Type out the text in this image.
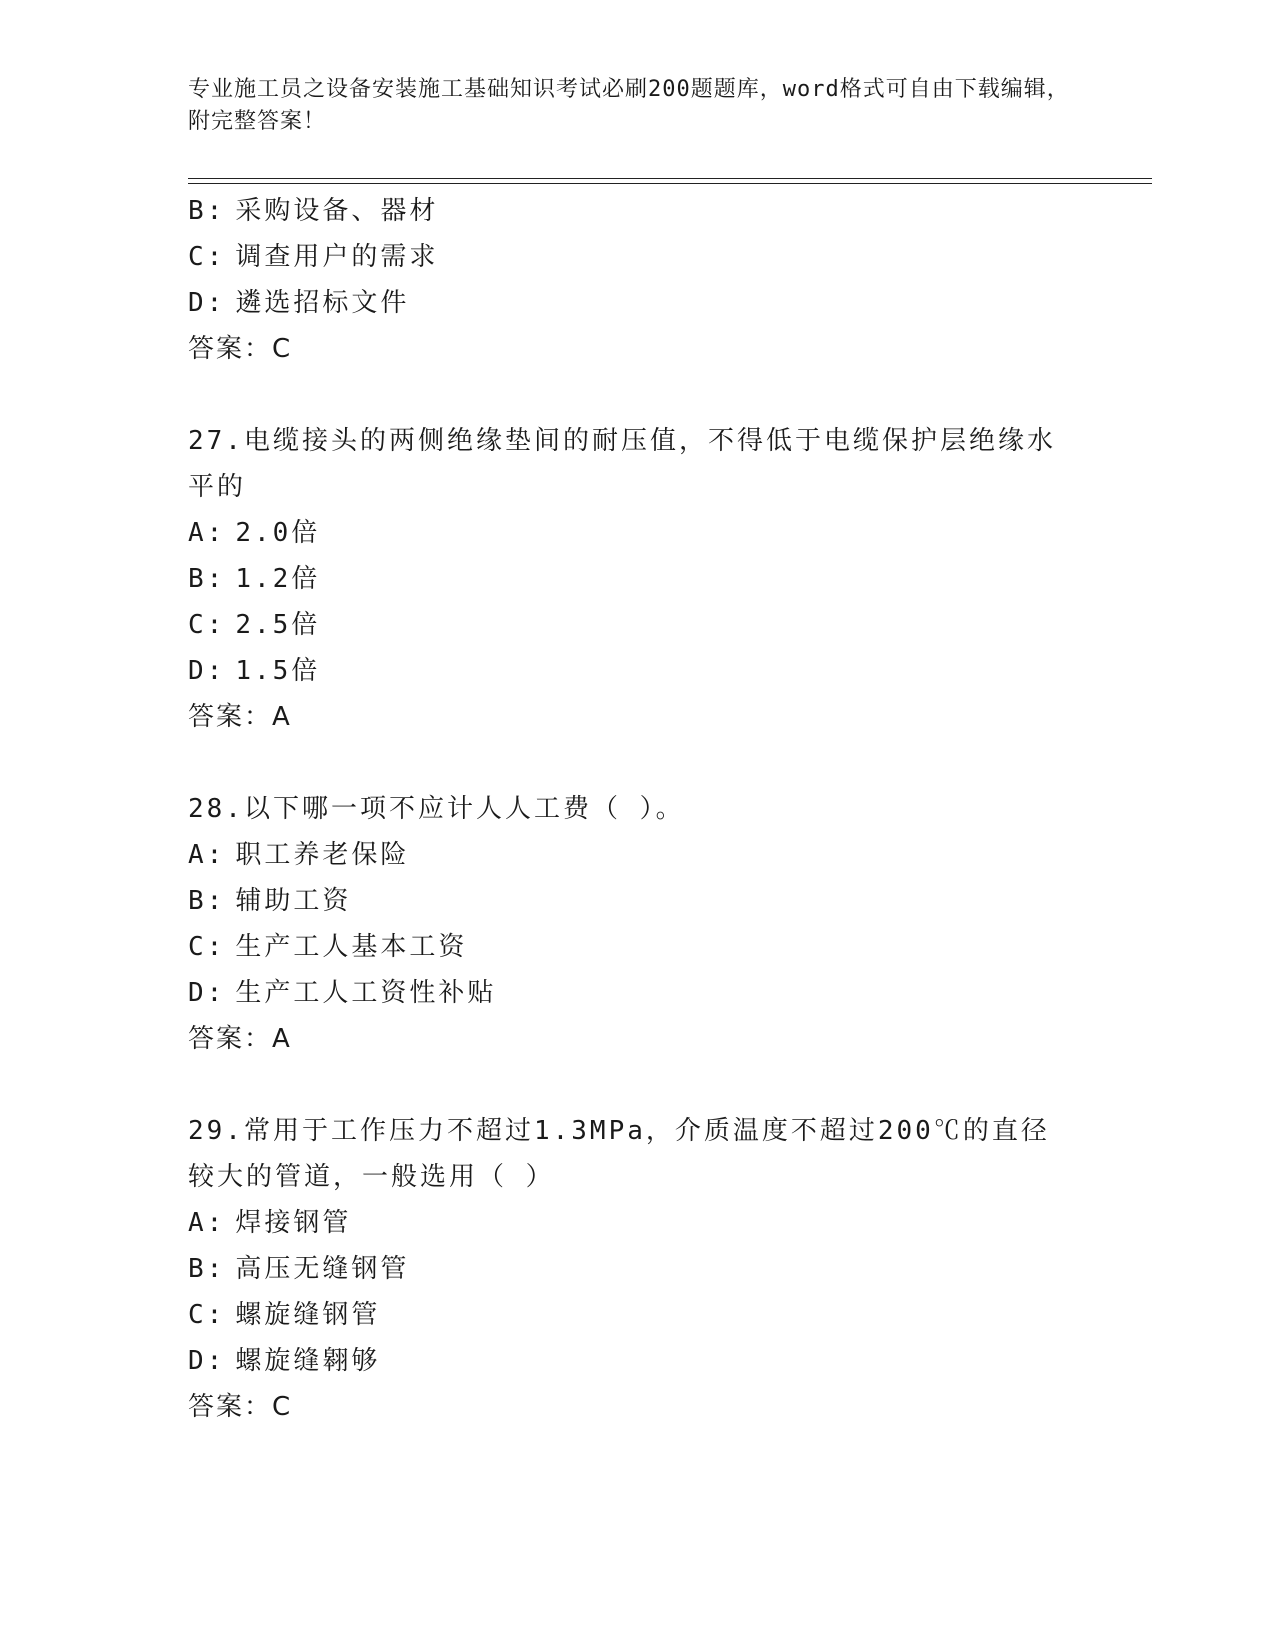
专业施工员之设备安装施工基础知识考试必刷200题题库，word格式可自由下载编辑，附完整答案！
B: 采购设备、器材
C: 调查用户的需求
D: 遴选招标文件
答案：C
27.电缆接头的两侧绝缘垫间的耐压值，不得低于电缆保护层绝缘水平的
A: 2.0倍
B: 1.2倍
C: 2.5倍
D: 1.5倍
答案：A
28.以下哪一项不应计人人工费（ ）。
A: 职工养老保险
B: 辅助工资
C: 生产工人基本工资
D: 生产工人工资性补贴
答案：A
29.常用于工作压力不超过1.3MPa，介质温度不超过200℃的直径较大的管道，一般选用（ ）
A: 焊接钢管
B: 高压无缝钢管
C: 螺旋缝钢管
D: 螺旋缝翱够
答案：C
